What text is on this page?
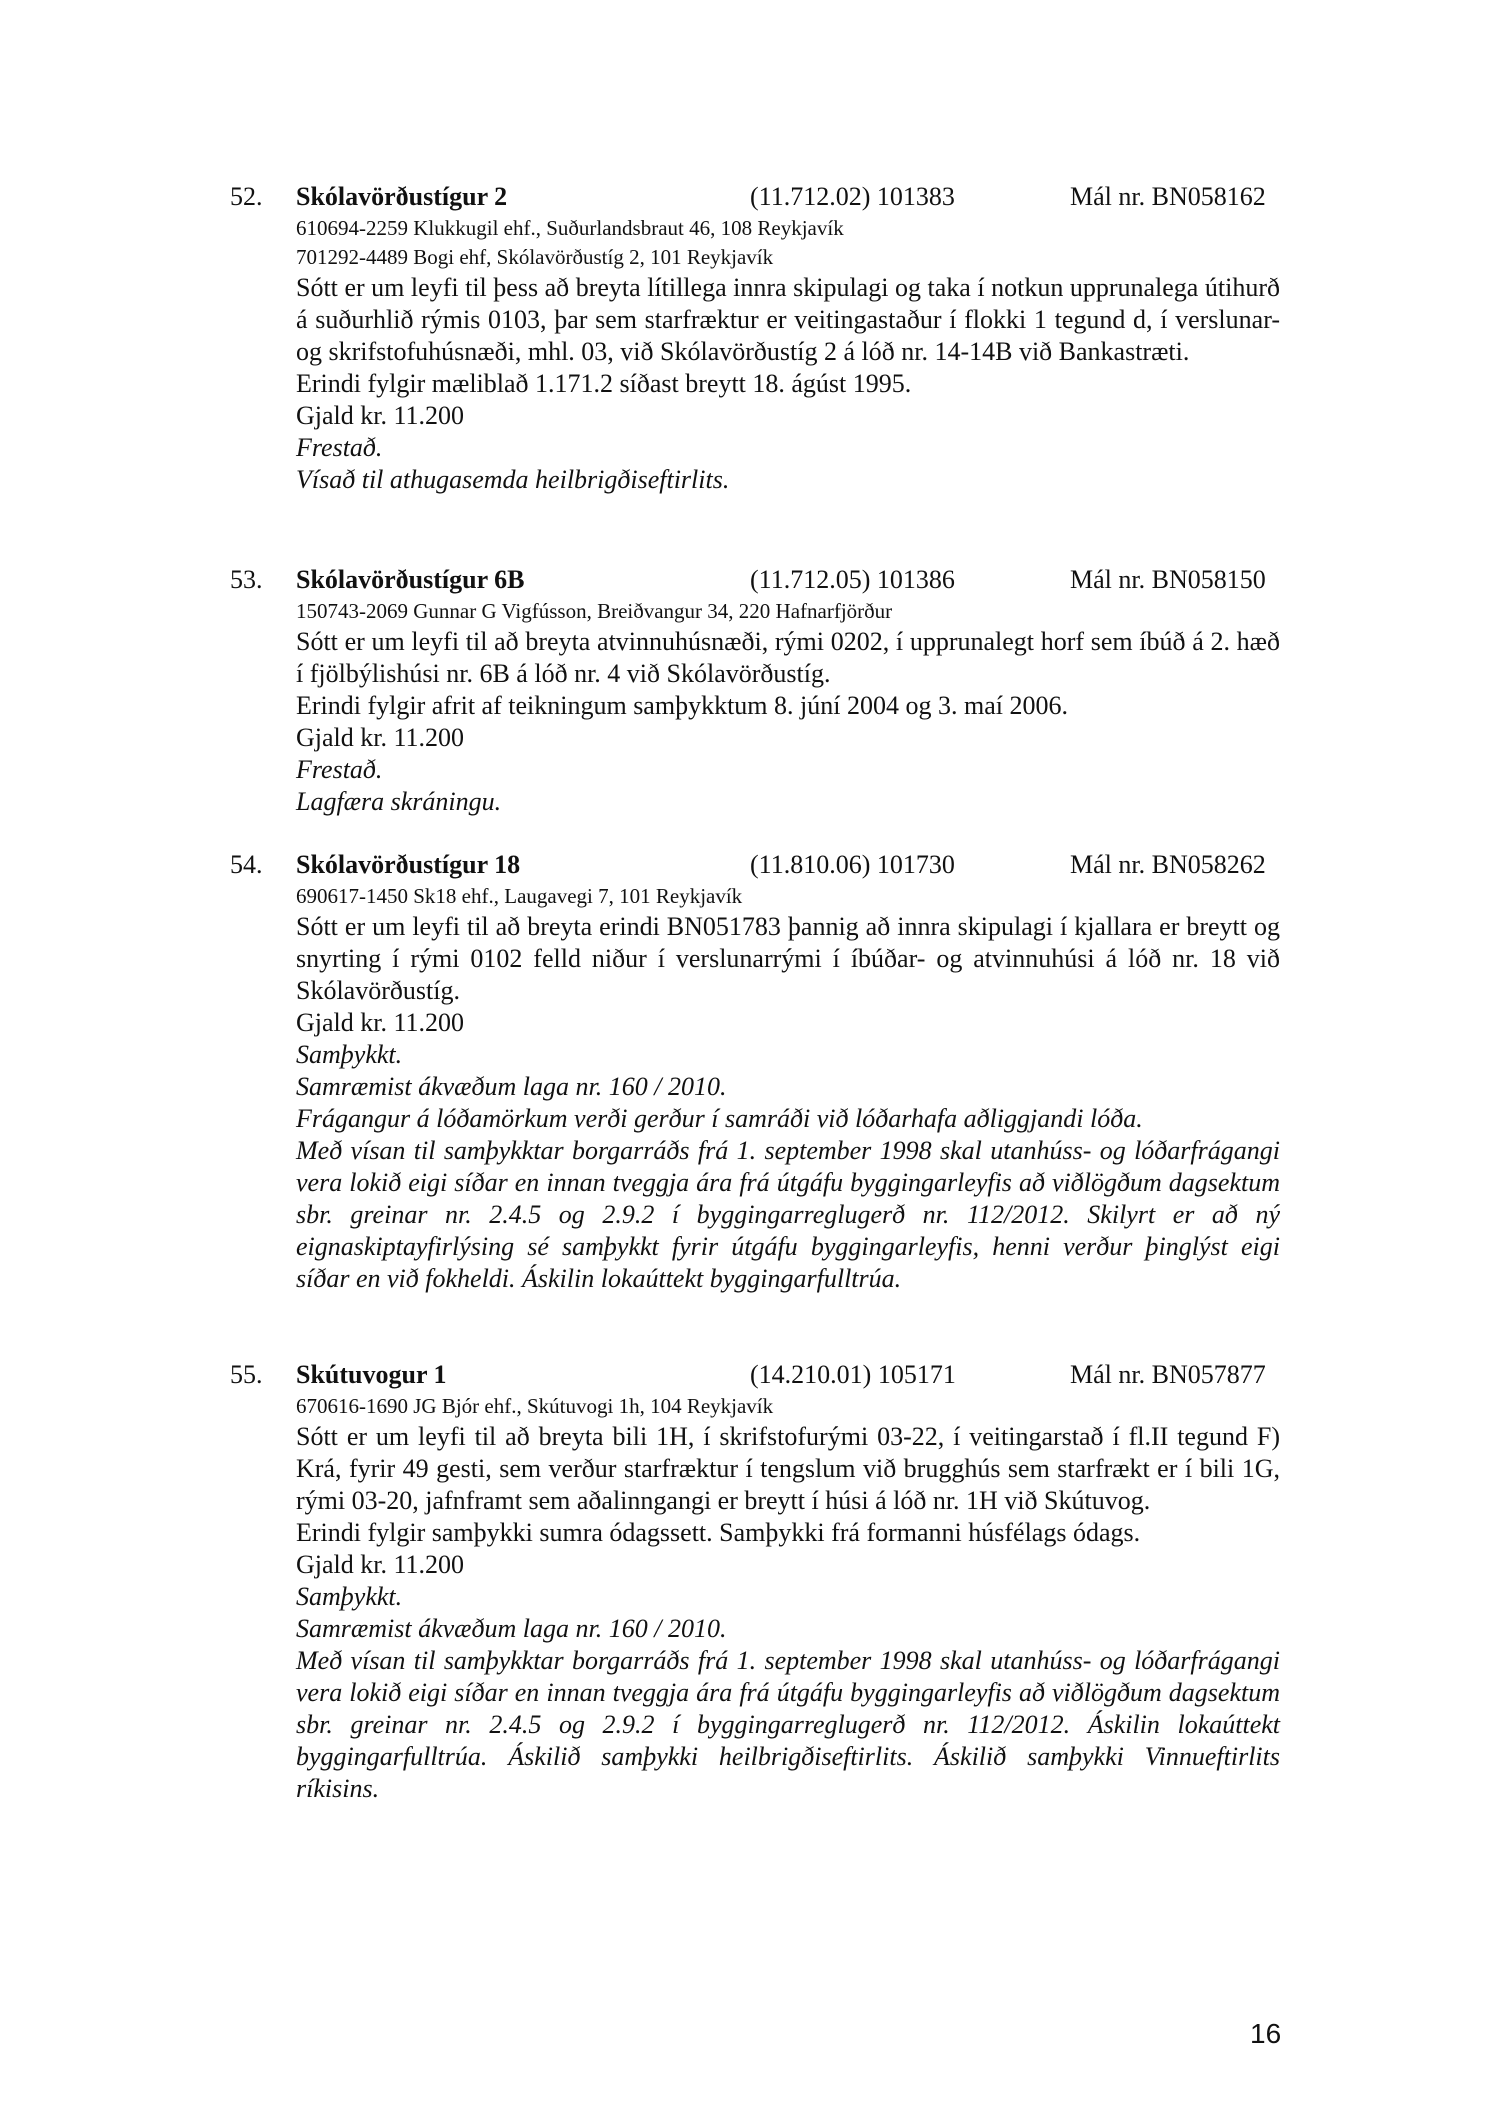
52. Skólavörðustígur 2	(11.712.02) 101383	Mál nr. BN058162
610694-2259 Klukkugil ehf., Suðurlandsbraut 46, 108 Reykjavík
701292-4489 Bogi ehf, Skólavörðustíg 2, 101 Reykjavík
Sótt er um leyfi til þess að breyta lítillega innra skipulagi og taka í notkun upprunalega útihurð á suðurhlið rýmis 0103, þar sem starfræktur er veitingastaður í flokki 1 tegund d, í verslunar- og skrifstofuhúsnæði, mhl. 03, við Skólavörðustíg 2 á lóð nr. 14-14B við Bankastræti.
Erindi fylgir mæliblað 1.171.2 síðast breytt 18. ágúst 1995.
Gjald kr. 11.200
Frestað.
Vísað til athugasemda heilbrigðiseftirlits.
53. Skólavörðustígur 6B	(11.712.05) 101386	Mál nr. BN058150
150743-2069 Gunnar G Vigfússon, Breiðvangur 34, 220 Hafnarfjörður
Sótt er um leyfi til að breyta atvinnuhúsnæði, rými 0202, í upprunalegt horf sem íbúð á 2. hæð í fjölbýlishúsi nr. 6B á lóð nr. 4 við Skólavörðustíg.
Erindi fylgir afrit af teikningum samþykktum 8. júní 2004 og 3. maí 2006.
Gjald kr. 11.200
Frestað.
Lagfæra skráningu.
54. Skólavörðustígur 18	(11.810.06) 101730	Mál nr. BN058262
690617-1450 Sk18 ehf., Laugavegi 7, 101 Reykjavík
Sótt er um leyfi til að breyta erindi BN051783 þannig að innra skipulagi í kjallara er breytt og snyrting í rými 0102 felld niður í verslunarrými í íbúðar- og atvinnuhúsi á lóð nr. 18 við Skólavörðustíg.
Gjald kr. 11.200
Samþykkt.
Samræmist ákvæðum laga nr. 160 / 2010.
Frágangur á lóðamörkum verði gerður í samráði við lóðarhafa aðliggjandi lóða.
Með vísan til samþykktar borgarráðs frá 1. september 1998 skal utanhúss- og lóðarfrágangi vera lokið eigi síðar en innan tveggja ára frá útgáfu byggingarleyfis að viðlögðum dagsektum sbr. greinar nr. 2.4.5 og 2.9.2 í byggingarreglugerð nr. 112/2012. Skilyrt er að ný eignaskiptayfirlýsing sé samþykkt fyrir útgáfu byggingarleyfis, henni verður þinglýst eigi síðar en við fokheldi. Áskilin lokaúttekt byggingarfulltrúa.
55. Skútuvogur 1	(14.210.01) 105171	Mál nr. BN057877
670616-1690 JG Bjór ehf., Skútuvogi 1h, 104 Reykjavík
Sótt er um leyfi til að breyta bili 1H, í skrifstofurými 03-22, í veitingarstað í fl.II tegund F) Krá, fyrir 49 gesti, sem verður starfræktur í tengslum við brugghús sem starfrækt er í bili 1G, rými 03-20, jafnframt sem aðalinngangi er breytt í húsi á lóð nr. 1H við Skútuvog.
Erindi fylgir samþykki sumra ódagssett. Samþykki frá formanni húsfélags ódags.
Gjald kr. 11.200
Samþykkt.
Samræmist ákvæðum laga nr. 160 / 2010.
Með vísan til samþykktar borgarráðs frá 1. september 1998 skal utanhúss- og lóðarfrágangi vera lokið eigi síðar en innan tveggja ára frá útgáfu byggingarleyfis að viðlögðum dagsektum sbr. greinar nr. 2.4.5 og 2.9.2 í byggingarreglugerð nr. 112/2012. Áskilin lokaúttekt byggingarfulltrúa. Áskilið samþykki heilbrigðiseftirlits. Áskilið samþykki Vinnueftirlits ríkisins.
16
